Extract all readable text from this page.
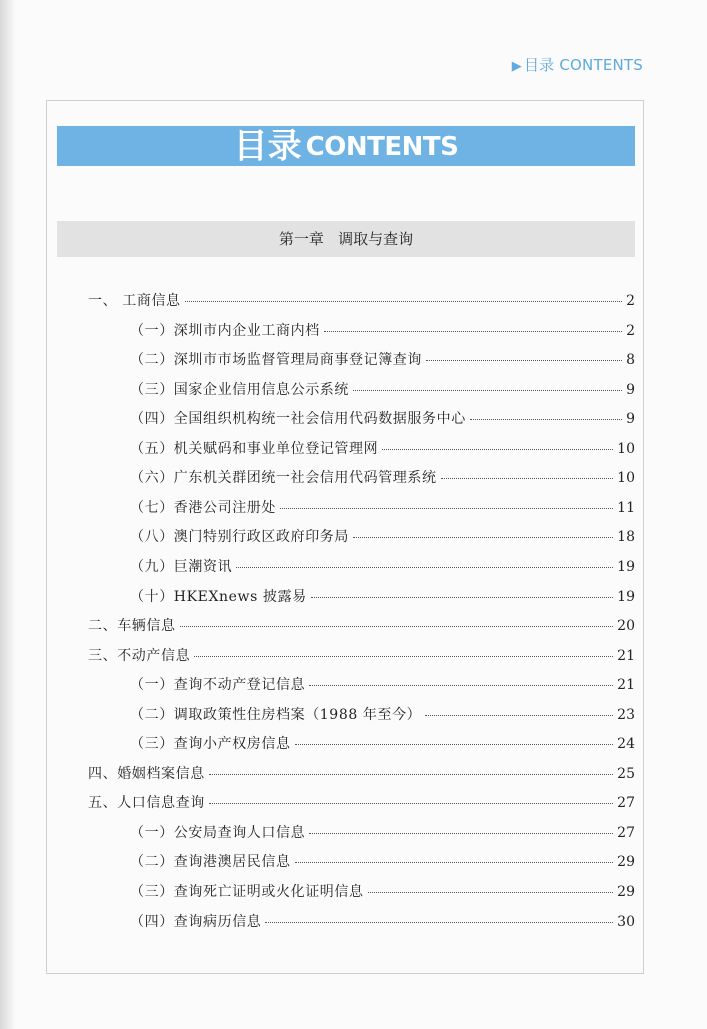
▶ 目录 CONTENTS
目录 CONTENTS
第一章   调取与查询
一、 工商信息	2
（一）深圳市内企业工商内档	2
（二）深圳市市场监督管理局商事登记簿查询	8
（三）国家企业信用信息公示系统	9
（四）全国组织机构统一社会信用代码数据服务中心	9
（五）机关赋码和事业单位登记管理网	10
（六）广东机关群团统一社会信用代码管理系统	10
（七）香港公司注册处	11
（八）澳门特别行政区政府印务局	18
（九）巨潮资讯	19
（十）HKEXnews 披露易	19
二、车辆信息	20
三、不动产信息	21
（一）查询不动产登记信息	21
（二）调取政策性住房档案（1988 年至今）	23
（三）查询小产权房信息	24
四、婚姻档案信息	25
五、人口信息查询	27
（一）公安局查询人口信息	27
（二）查询港澳居民信息	29
（三）查询死亡证明或火化证明信息	29
（四）查询病历信息	30
